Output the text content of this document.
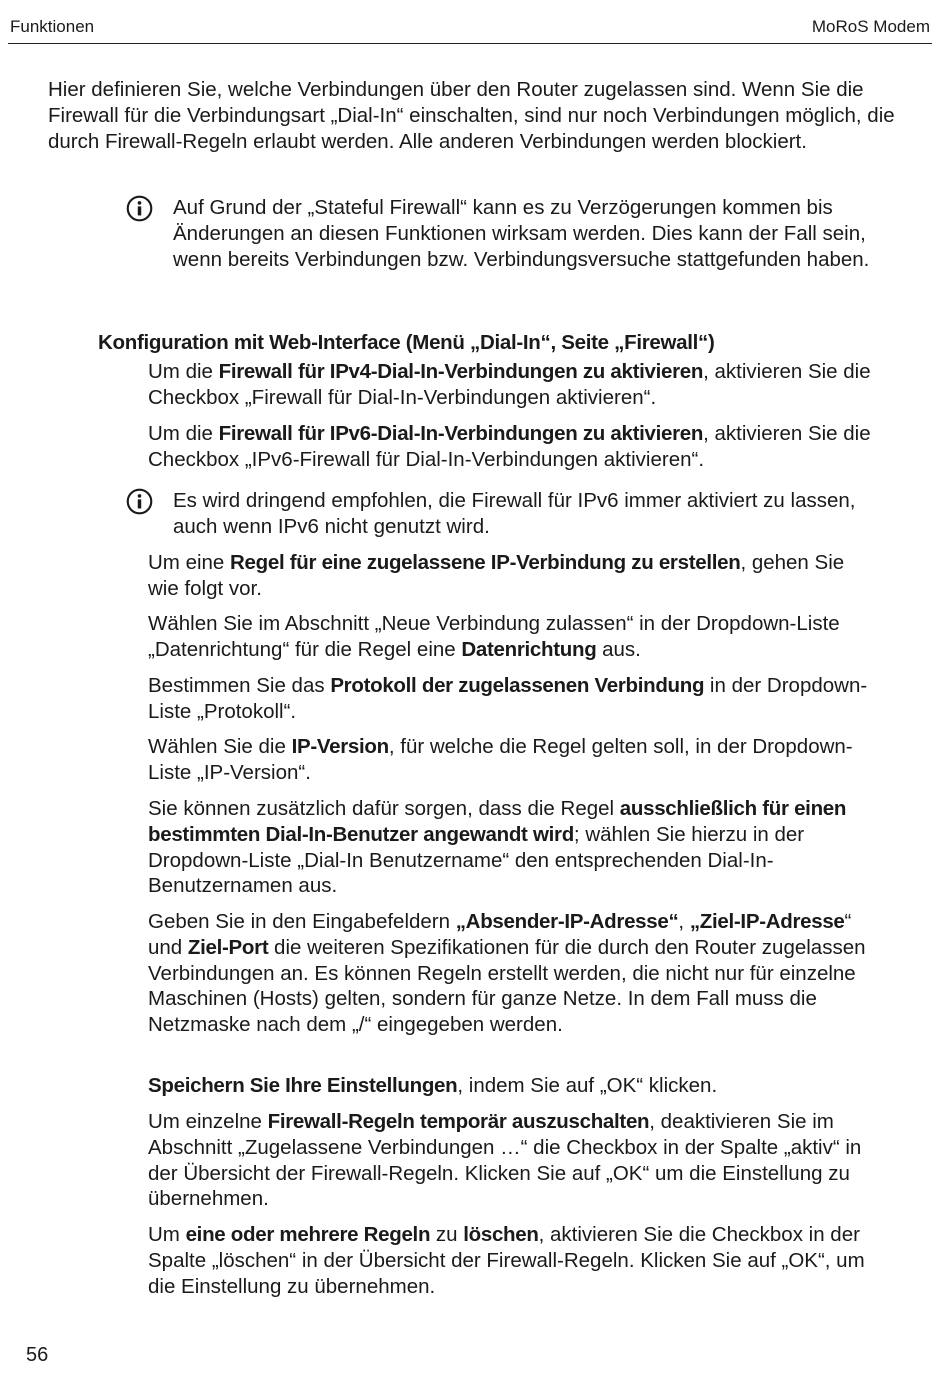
Funktionen	MoRoS Modem

Hier definieren Sie, welche Verbindungen über den Router zugelassen sind. Wenn Sie die Firewall für die Verbindungsart „Dial-In“ einschalten, sind nur noch Verbindungen möglich, die durch Firewall-Regeln erlaubt werden. Alle anderen Verbindungen werden blockiert.

Auf Grund der „Stateful Firewall“ kann es zu Verzögerungen kommen bis Änderungen an diesen Funktionen wirksam werden. Dies kann der Fall sein, wenn bereits Verbindungen bzw. Verbindungsversuche stattgefunden haben.

Konfiguration mit Web-Interface (Menü „Dial-In“, Seite „Firewall“)

Um die Firewall für IPv4-Dial-In-Verbindungen zu aktivieren, aktivieren Sie die Checkbox „Firewall für Dial-In-Verbindungen aktivieren“.

Um die Firewall für IPv6-Dial-In-Verbindungen zu aktivieren, aktivieren Sie die Checkbox „IPv6-Firewall für Dial-In-Verbindungen aktivieren“.

Es wird dringend empfohlen, die Firewall für IPv6 immer aktiviert zu lassen, auch wenn IPv6 nicht genutzt wird.

Um eine Regel für eine zugelassene IP-Verbindung zu erstellen, gehen Sie wie folgt vor.

Wählen Sie im Abschnitt „Neue Verbindung zulassen“ in der Dropdown-Liste „Datenrichtung“ für die Regel eine Datenrichtung aus.

Bestimmen Sie das Protokoll der zugelassenen Verbindung in der Dropdown-Liste „Protokoll“.

Wählen Sie die IP-Version, für welche die Regel gelten soll, in der Dropdown-Liste „IP-Version“.

Sie können zusätzlich dafür sorgen, dass die Regel ausschließlich für einen bestimmten Dial-In-Benutzer angewandt wird; wählen Sie hierzu in der Dropdown-Liste „Dial-In Benutzername“ den entsprechenden Dial-In-Benutzernamen aus.

Geben Sie in den Eingabefeldern „Absender-IP-Adresse“, „Ziel-IP-Adresse“ und Ziel-Port die weiteren Spezifikationen für die durch den Router zugelassen Verbindungen an. Es können Regeln erstellt werden, die nicht nur für einzelne Maschinen (Hosts) gelten, sondern für ganze Netze. In dem Fall muss die Netzmaske nach dem „/“ eingegeben werden.

Speichern Sie Ihre Einstellungen, indem Sie auf „OK“ klicken.

Um einzelne Firewall-Regeln temporär auszuschalten, deaktivieren Sie im Abschnitt „Zugelassene Verbindungen …“ die Checkbox in der Spalte „aktiv“ in der Übersicht der Firewall-Regeln. Klicken Sie auf „OK“ um die Einstellung zu übernehmen.

Um eine oder mehrere Regeln zu löschen, aktivieren Sie die Checkbox in der Spalte „löschen“ in der Übersicht der Firewall-Regeln. Klicken Sie auf „OK“, um die Einstellung zu übernehmen.

56
